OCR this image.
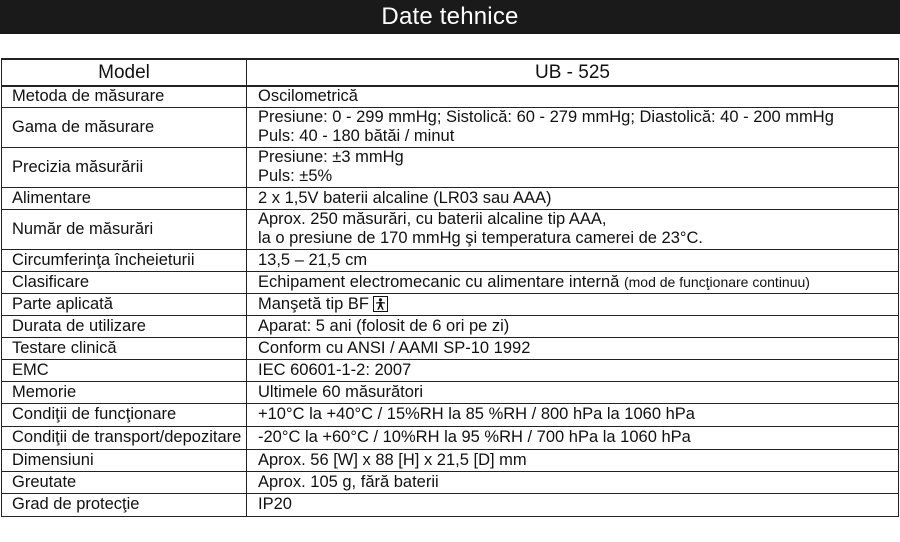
Date tehnice
Model	UB - 525
Metoda de măsurare	Oscilometrică

Gama de măsurare	Presiune: 0 - 299 mmHg; Sistolică: 60 - 279 mmHg; Diastolică: 40 - 200 mmHg
Puls: 40 - 180 bătăi / minut

Precizia măsurării	Presiune: ±3 mmHg
Puls: ±5%

Alimentare	2 x 1,5V baterii alcaline (LR03 sau AAA)

Număr de măsurări	Aprox. 250 măsurări, cu baterii alcaline tip AAA,
la o presiune de 170 mmHg şi temperatura camerei de 23°C.

Circumferinţa încheieturii	13,5 – 21,5 cm

Clasificare	Echipament electromecanic cu alimentare internă (mod de funcţionare continuu)

Parte aplicată	Manşetă tip BF

Durata de utilizare	Aparat: 5 ani (folosit de 6 ori pe zi)

Testare clinică	Conform cu ANSI / AAMI SP-10 1992

EMC	IEC 60601-1-2: 2007

Memorie	Ultimele 60 măsurători

Condiţii de funcţionare	+10°C la +40°C / 15%RH la 85 %RH / 800 hPa la 1060 hPa

Condiţii de transport/depozitare	-20°C la +60°C / 10%RH la 95 %RH / 700 hPa la 1060 hPa

Dimensiuni	Aprox. 56 [W] x 88 [H] x 21,5 [D] mm

Greutate	Aprox. 105 g, fără baterii

Grad de protecţie	IP20
